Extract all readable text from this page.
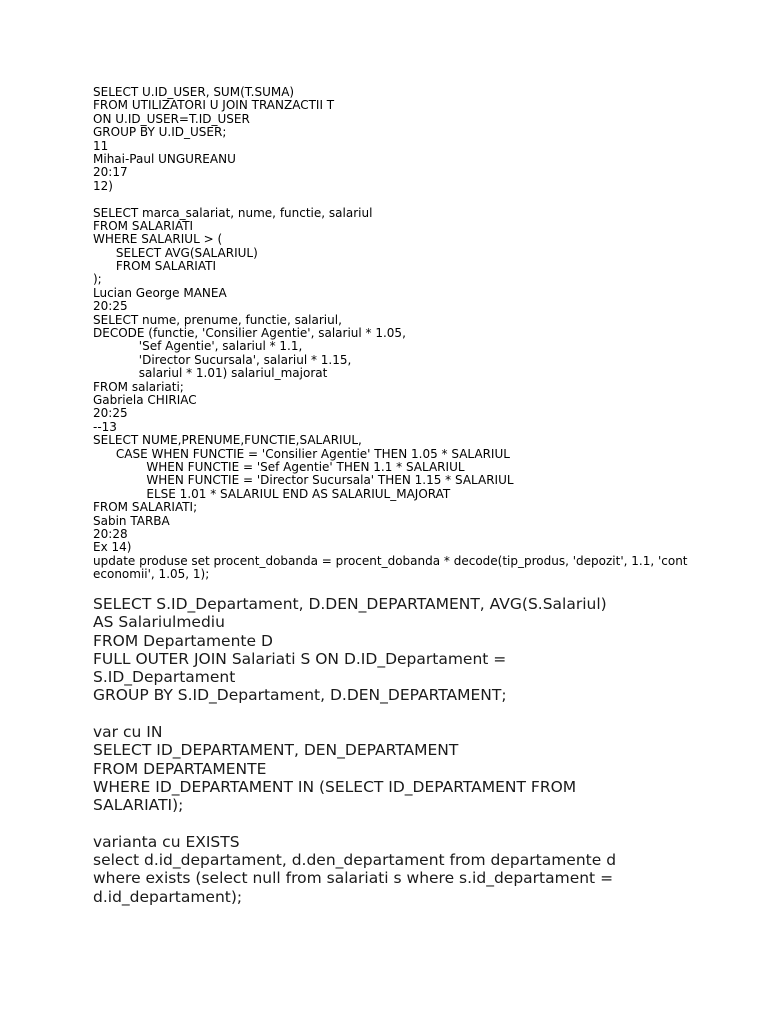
SELECT U.ID_USER, SUM(T.SUMA)
FROM UTILIZATORI U JOIN TRANZACTII T
ON U.ID_USER=T.ID_USER
GROUP BY U.ID_USER;
11
Mihai-Paul UNGUREANU
20:17
12)
SELECT marca_salariat, nume, functie, salariul
FROM SALARIATI
WHERE SALARIUL > (
SELECT AVG(SALARIUL)
FROM SALARIATI
);
Lucian George MANEA
20:25
SELECT nume, prenume, functie, salariul,
DECODE (functie, 'Consilier Agentie', salariul * 1.05,
'Sef Agentie', salariul * 1.1,
'Director Sucursala', salariul * 1.15,
salariul * 1.01) salariul_majorat
FROM salariati;
Gabriela CHIRIAC
20:25
--13
SELECT NUME,PRENUME,FUNCTIE,SALARIUL,
CASE WHEN FUNCTIE = 'Consilier Agentie' THEN 1.05 * SALARIUL
WHEN FUNCTIE = 'Sef Agentie' THEN 1.1 * SALARIUL
WHEN FUNCTIE = 'Director Sucursala' THEN 1.15 * SALARIUL
ELSE 1.01 * SALARIUL END AS SALARIUL_MAJORAT
FROM SALARIATI;
Sabin TARBA
20:28
Ex 14)
update produse set procent_dobanda = procent_dobanda * decode(tip_produs, 'depozit', 1.1, 'cont economii', 1.05, 1);
SELECT S.ID_Departament, D.DEN_DEPARTAMENT, AVG(S.Salariul)
AS Salariulmediu
FROM Departamente D
FULL OUTER JOIN Salariati S ON D.ID_Departament =
S.ID_Departament
GROUP BY S.ID_Departament, D.DEN_DEPARTAMENT;
var cu IN
SELECT ID_DEPARTAMENT, DEN_DEPARTAMENT
FROM DEPARTAMENTE
WHERE ID_DEPARTAMENT IN (SELECT ID_DEPARTAMENT FROM
SALARIATI);
varianta cu EXISTS
select d.id_departament, d.den_departament from departamente d
where exists (select null from salariati s where s.id_departament =
d.id_departament);
